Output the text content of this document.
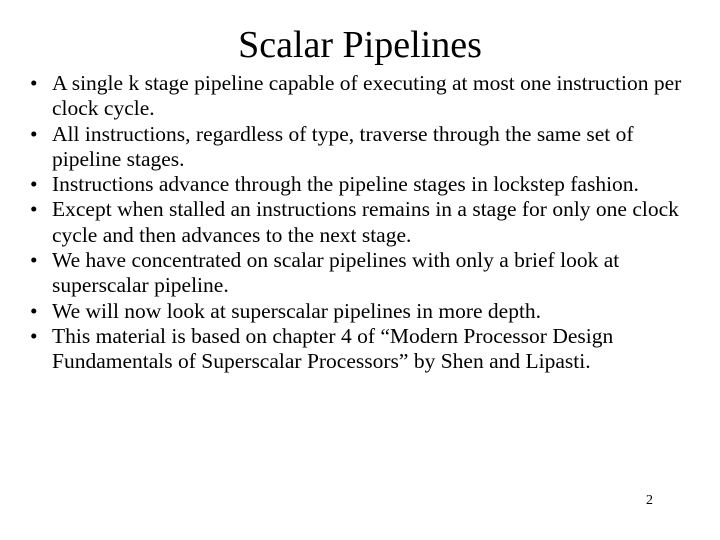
Scalar Pipelines
• A single k stage pipeline capable of executing at most one instruction per clock cycle.
• All instructions, regardless of type, traverse through the same set of pipeline stages.
• Instructions advance through the pipeline stages in lockstep fashion.
• Except when stalled an instructions remains in a stage for only one clock cycle and then advances to the next stage.
• We have concentrated on scalar pipelines with only a brief look at superscalar pipeline.
• We will now look at superscalar pipelines in more depth.
• This material is based on chapter 4 of “Modern Processor Design Fundamentals of Superscalar Processors” by Shen and Lipasti.
2
